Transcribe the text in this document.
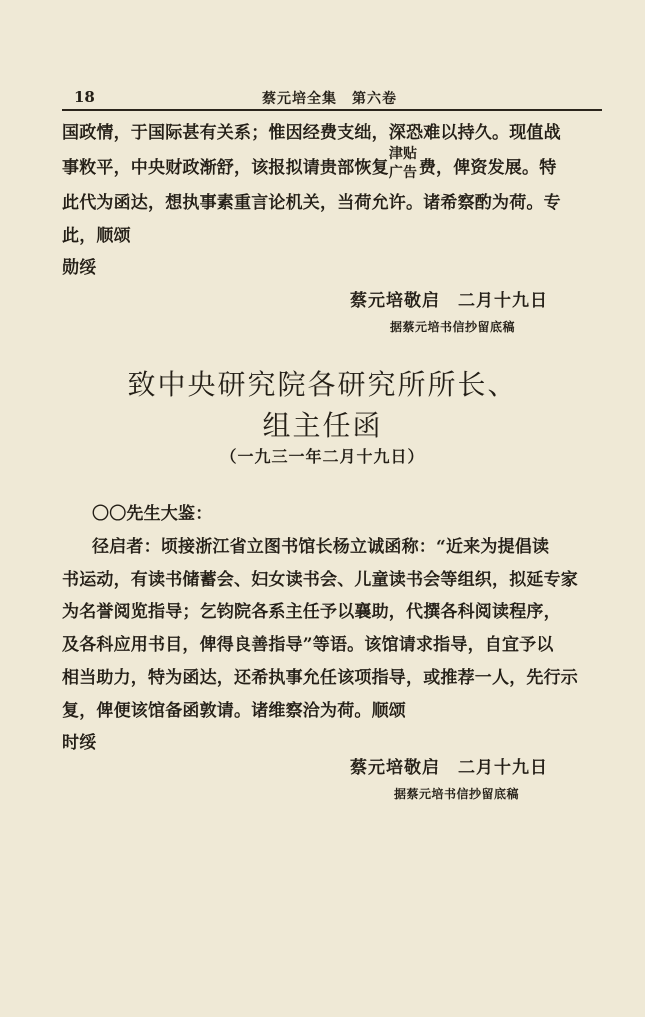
18	蔡元培全集　第六卷
国政情，于国际甚有关系；惟因经费支绌，深恐难以持久。现值战
事敉平，中央财政渐舒，该报拟请贵部恢复
津贴
广告 费，俾资发展。特
此代为函达，想执事素重言论机关，当荷允许。诸希察酌为荷。专
此，顺颂
勋绥
蔡元培敬启　二月十九日
据蔡元培书信抄留底稿
致中央研究院各研究所所长、
组主任函
（一九三一年二月十九日）
〇〇先生大鉴：
径启者：顷接浙江省立图书馆长杨立诚函称：“近来为提倡读
书运动，有读书储蓄会、妇女读书会、儿童读书会等组织，拟延专家
为名誉阅览指导；乞钧院各系主任予以襄助，代撰各科阅读程序，
及各科应用书目，俾得良善指导”等语。该馆请求指导，自宜予以
相当助力，特为函达，还希执事允任该项指导，或推荐一人，先行示
复，俾便该馆备函敦请。诸维察洽为荷。顺颂
时绥
蔡元培敬启　二月十九日
据蔡元培书信抄留底稿
